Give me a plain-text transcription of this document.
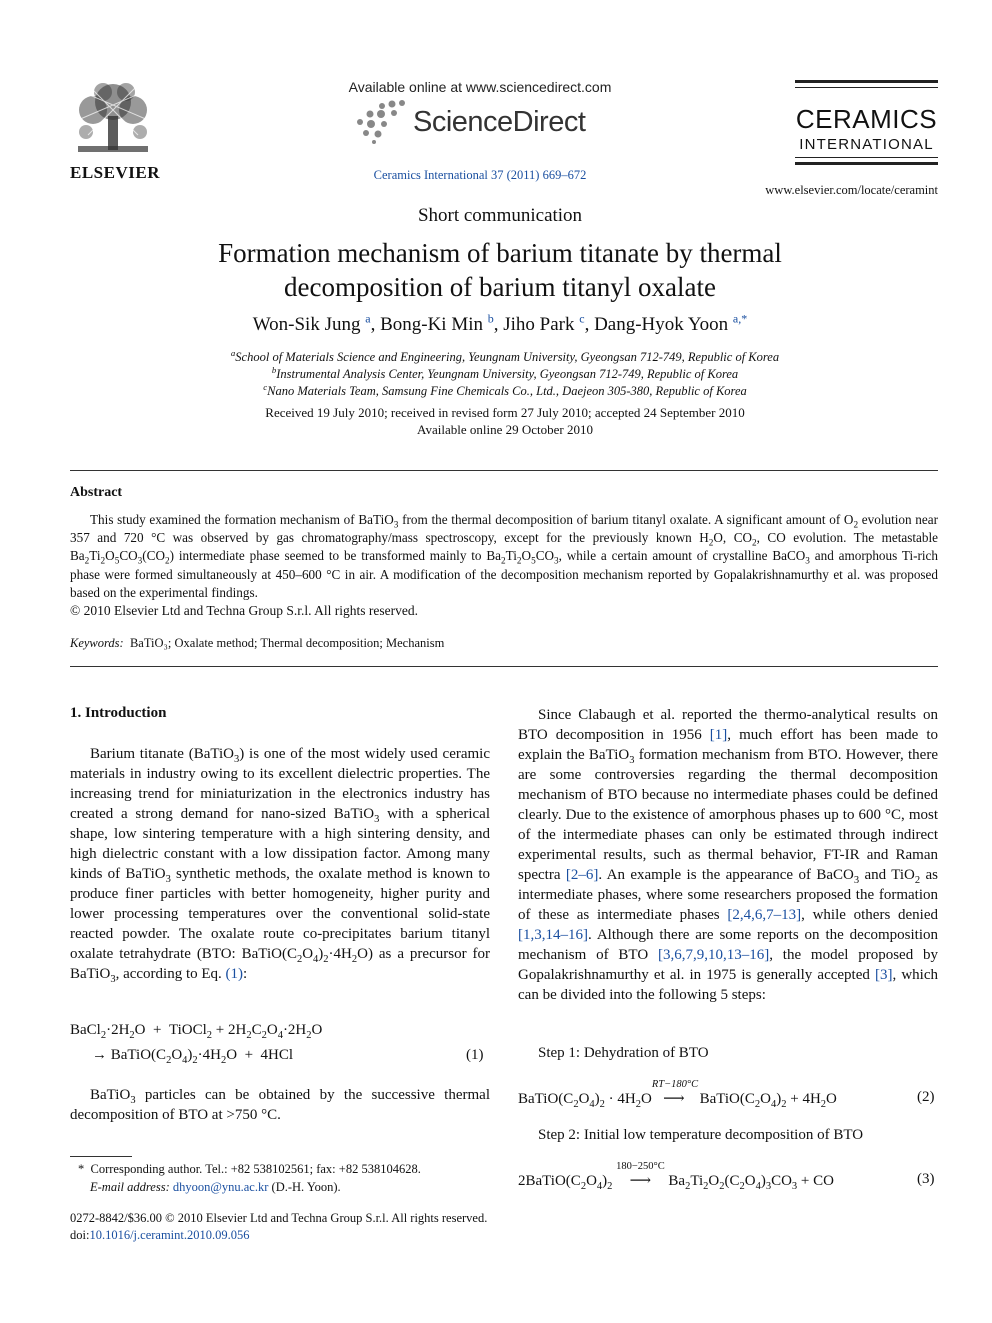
ELSEVIER
Available online at www.sciencedirect.com
ScienceDirect
Ceramics International 37 (2011) 669–672
CERAMICS
INTERNATIONAL
www.elsevier.com/locate/ceramint
Short communication
Formation mechanism of barium titanate by thermal
decomposition of barium titanyl oxalate
Won-Sik Jung $^a$, Bong-Ki Min $^b$, Jiho Park $^c$, Dang-Hyok Yoon $^{a,*}$
$^a$School of Materials Science and Engineering, Yeungnam University, Gyeongsan 712-749, Republic of Korea
$^b$Instrumental Analysis Center, Yeungnam University, Gyeongsan 712-749, Republic of Korea
$^c$Nano Materials Team, Samsung Fine Chemicals Co., Ltd., Daejeon 305-380, Republic of Korea
Received 19 July 2010; received in revised form 27 July 2010; accepted 24 September 2010
Available online 29 October 2010
Abstract
This study examined the formation mechanism of BaTiO$_3$ from the thermal decomposition of barium titanyl oxalate. A significant amount of $O_2$ evolution near 357 and 720 °C was observed by gas chromatography/mass spectroscopy, except for the previously known $H_2O$, $CO_2$, CO evolution. The metastable $Ba_2Ti_2O_5CO_3(CO_2)$ intermediate phase seemed to be transformed mainly to $Ba_2Ti_2O_5CO_3$, while a certain amount of crystalline BaCO$_3$ and amorphous Ti-rich phase were formed simultaneously at 450–600 °C in air. A modification of the decomposition mechanism reported by Gopalakrishnamurthy et al. was proposed based on the experimental findings.
© 2010 Elsevier Ltd and Techna Group S.r.l. All rights reserved.
Keywords: BaTiO₃; Oxalate method; Thermal decomposition; Mechanism
1. Introduction

Barium titanate (BaTiO$_3$) is one of the most widely used ceramic materials in industry owing to its excellent dielectric properties. The increasing trend for miniaturization in the electronics industry has created a strong demand for nano-sized BaTiO$_3$ with a spherical shape, low sintering temperature with a high sintering density, and high dielectric constant with a low dissipation factor. Among many kinds of BaTiO$_3$ synthetic methods, the oxalate method is known to produce finer particles with better homogeneity, higher purity and lower processing temperatures over the conventional solid-state reacted powder. The oxalate route co-precipitates barium titanyl oxalate tetrahydrate (BTO: $BaTiO(C_2O_4)_2\cdot 4H_2O$) as a precursor for BaTiO$_3$, according to Eq. (1):

$BaCl_2\cdot 2H_2O$  +  TiOCl$_2$ + $2H_2C_2O_4\cdot 2H_2O$
→ $BaTiO(C_2O_4)_2\cdot 4H_2O + 4HCl$	(1)

BaTiO$_3$ particles can be obtained by the successive thermal decomposition of BTO at >750 °C.

*  Corresponding author. Tel.: +82 538102561; fax: +82 538104628.
E-mail address: dhyoon@ynu.ac.kr (D.-H. Yoon).
0272-8842/$36.00 © 2010 Elsevier Ltd and Techna Group S.r.l. All rights reserved.
doi:10.1016/j.ceramint.2010.09.056

Since Clabaugh et al. reported the thermo-analytical results on BTO decomposition in 1956 [1], much effort has been made to explain the BaTiO$_3$ formation mechanism from BTO. However, there are some controversies regarding the thermal decomposition mechanism of BTO because no intermediate phases could be defined clearly. Due to the existence of amorphous phases up to 600 °C, most of the intermediate phases can only be estimated through indirect experimental results, such as thermal behavior, FT-IR and Raman spectra [2–6]. An example is the appearance of BaCO$_3$ and TiO$_2$ as intermediate phases, where some researchers proposed the formation of these as intermediate phases [2,4,6,7–13], while others denied [1,3,14–16]. Although there are some reports on the decomposition mechanism of BTO [3,6,7,9,10,13–16], the model proposed by Gopalakrishnamurthy et al. in 1975 is generally accepted [3], which can be divided into the following 5 steps:

Step 1: Dehydration of BTO
$BaTiO(C_2O_4)_2 \cdot 4H_2O$
RT−180°C
⟶ $BaTiO(C_2O_4)_2 + 4H_2O$	(2)
Step 2: Initial low temperature decomposition of BTO
$2BaTiO(C_2O_4)_2$
180−250°C
⟶ $Ba_2Ti_2O_2(C_2O_4)_3CO_3$ + CO	(3)
